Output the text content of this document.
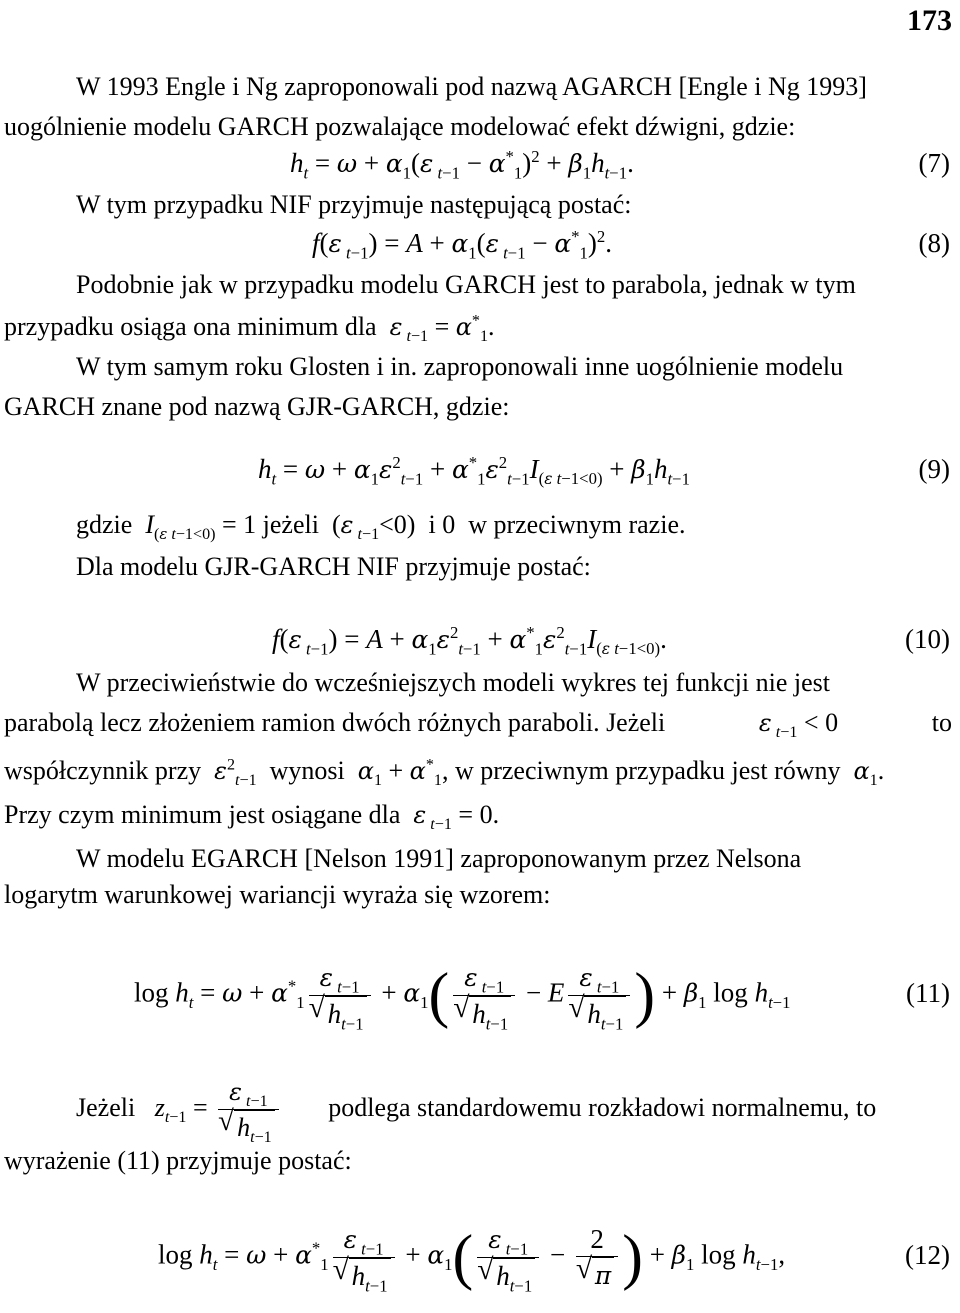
173
W 1993 Engle i Ng zaproponowali pod nazwą AGARCH [Engle i Ng 1993]
uogólnienie modelu GARCH pozwalające modelować efekt dźwigni, gdzie:
$h_t = \omega + \alpha_1(\varepsilon$ $_{t-1} - \alpha^*_1)^2 + \beta_1h_{t-1}$.	(7)
W tym przypadku NIF przyjmuje następującą postać:
f(ε $_{t-1}) = A + \alpha_1(\varepsilon$ $_{t-1} - \alpha^*_1)^2$.	(8)
Podobnie jak w przypadku modelu GARCH jest to parabola, jednak w tym
przypadku osiąga ona minimum dla ε $_{t-1} = \alpha^*_1$.
W tym samym roku Glosten i in. zaproponowali inne uogólnienie modelu
GARCH znane pod nazwą GJR-GARCH, gdzie:
$h_t = \omega + \alpha_1\varepsilon^2_{t-1} + \alpha^*_1\varepsilon^2_{t-1}I_{(\varepsilon t-1<0)} + \beta_1h_{t-1}$	(9)
gdzie $I_{(\varepsilon t-1<0)} = 1$ jeżeli  (ε $_{t-1}$<0)  i 0  w przeciwnym razie.
Dla modelu GJR-GARCH NIF przyjmuje postać:
f(ε $_{t-1}) = A + \alpha_1\varepsilon^2_{t-1} + \alpha^*_1\varepsilon^2_{t-1}I_{(\varepsilon t-1<0)}$.	(10)
W przeciwieństwie do wcześniejszych modeli wykres tej funkcji nie jest
parabolą lecz złożeniem ramion dwóch różnych paraboli. Jeżeli	ε $_{t-1}$ < 0	to
współczynnik przy $\varepsilon^2_{t-1}$ wynosi $\alpha_1 + \alpha^*_1$, w przeciwnym przypadku jest równy $\alpha_1$.
Przy czym minimum jest osiągane dla ε $_{t-1}$ = 0.
W modelu EGARCH [Nelson 1991] zaproponowanym przez Nelsona
logarytm warunkowej wariancji wyraża się wzorem:
$\log h_t = \omega + \alpha^*_1$ ε $_{t-1}$
√ $h_{t-1} + \alpha_1$( ε $_{t-1}$
√ $h_{t-1} - E$ ε $_{t-1}$
√ $h_{t-1}$ ) + $\beta_1$ $\log h_{t-1}$	(11)
Jeżeli $z_{t-1} = \varepsilon$ $_{t-1}$
√ $h_{t-1}$ podlega standardowemu rozkładowi normalnemu, to
wyrażenie (11) przyjmuje postać:
$\log h_t = \omega + \alpha^*_1$ ε $_{t-1}$
√ $h_{t-1} + \alpha_1$( ε $_{t-1}$
√ $h_{t-1} - 2$
√ π ) + $\beta_1$ $\log h_{t-1}$,	(12)
